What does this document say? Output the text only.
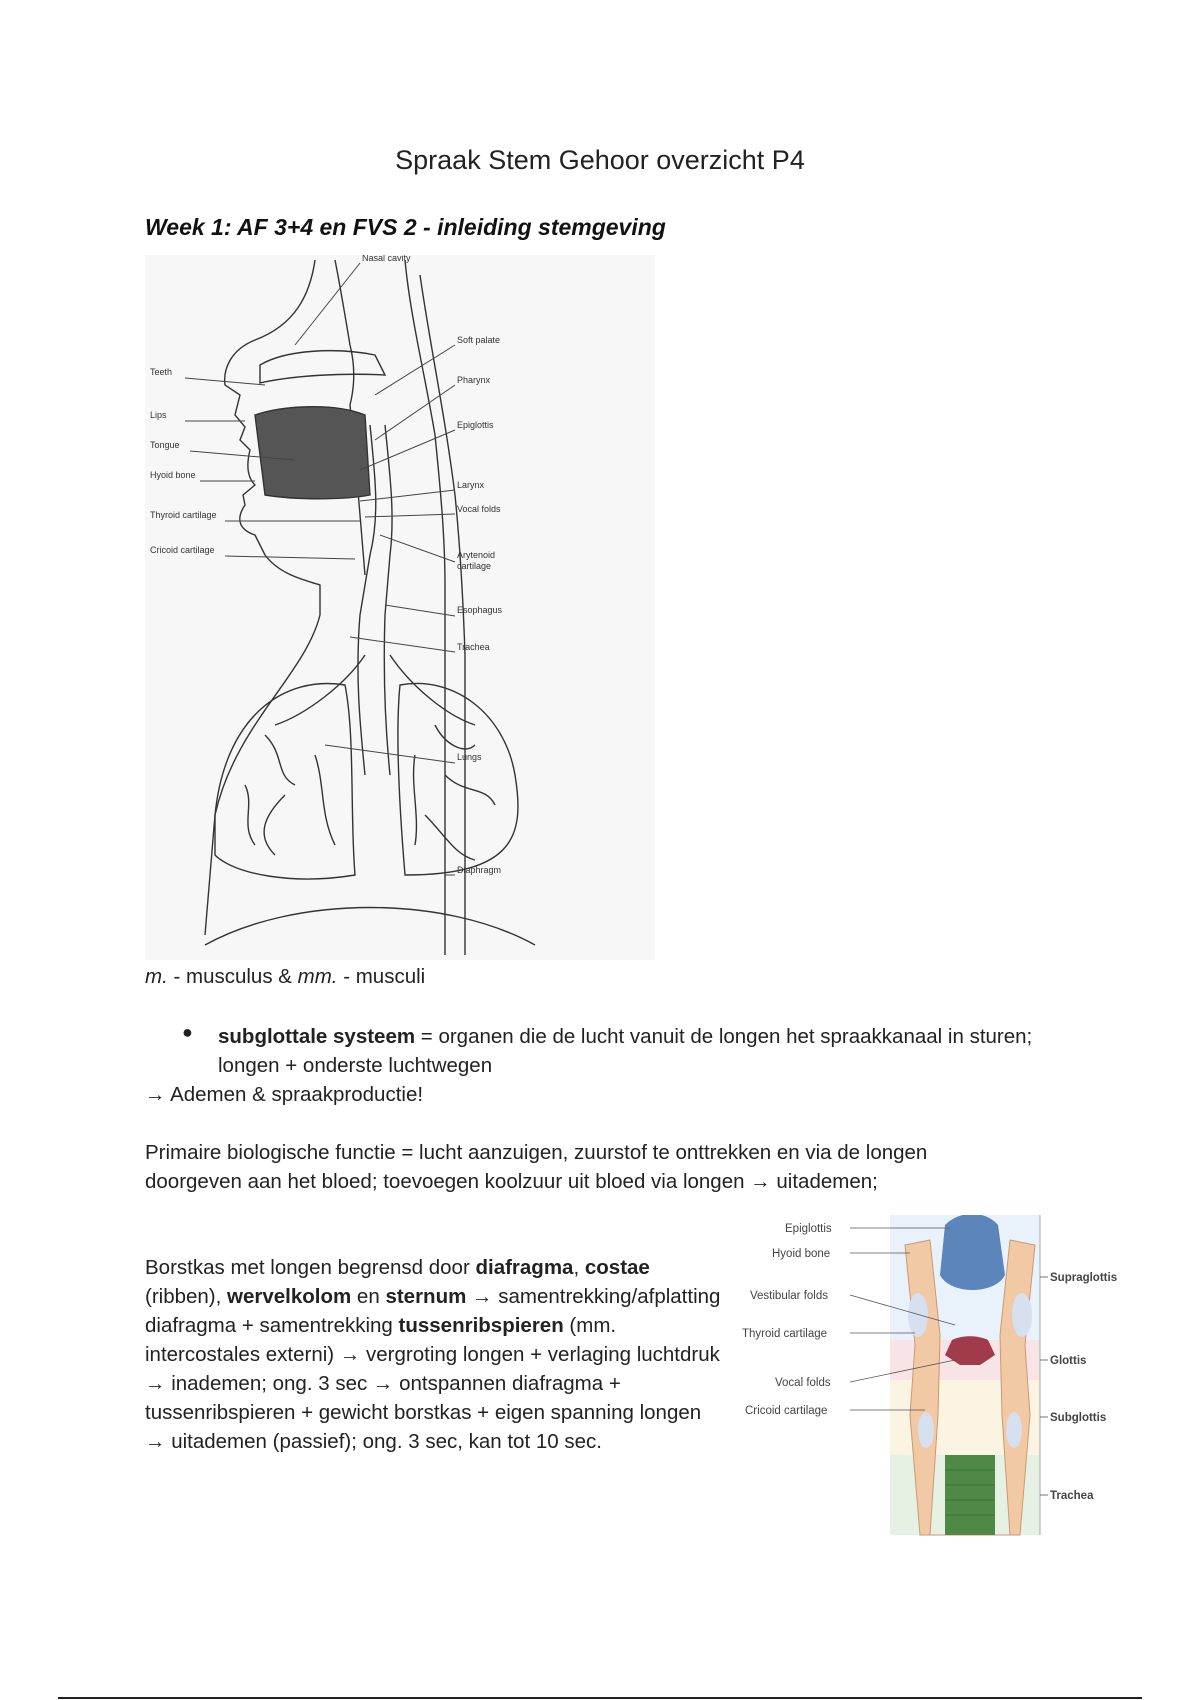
Spraak Stem Gehoor overzicht P4
Week 1: AF 3+4 en FVS 2 - inleiding stemgeving
Teeth
Lips
Tongue
Hyoid bone
Thyroid cartilage
Cricoid cartilage
Nasal cavity
Soft palate
Pharynx
Epiglottis
Larynx
Vocal folds
Arytenoid
cartilage
Esophagus
Trachea
Lungs
Diaphragm
m. - musculus & mm. - musculi
● subglottale systeem = organen die de lucht vanuit de longen het spraakkanaal in sturen; longen + onderste luchtwegen
→ Ademen & spraakproductie!
Primaire biologische functie = lucht aanzuigen, zuurstof te onttrekken en via de longen doorgeven aan het bloed; toevoegen koolzuur uit bloed via longen → uitademen;
Borstkas met longen begrensd door diafragma, costae (ribben), wervelkolom en sternum → samentrekking/afplatting diafragma + samentrekking tussenribspieren (mm. intercostales externi) → vergroting longen + verlaging luchtdruk → inademen; ong. 3 sec → ontspannen diafragma + tussenribspieren + gewicht borstkas + eigen spanning longen → uitademen (passief); ong. 3 sec, kan tot 10 sec.
Epiglottis
Hyoid bone
Vestibular folds
Thyroid cartilage
Vocal folds
Cricoid cartilage
Supraglottis
Glottis
Subglottis
Trachea
